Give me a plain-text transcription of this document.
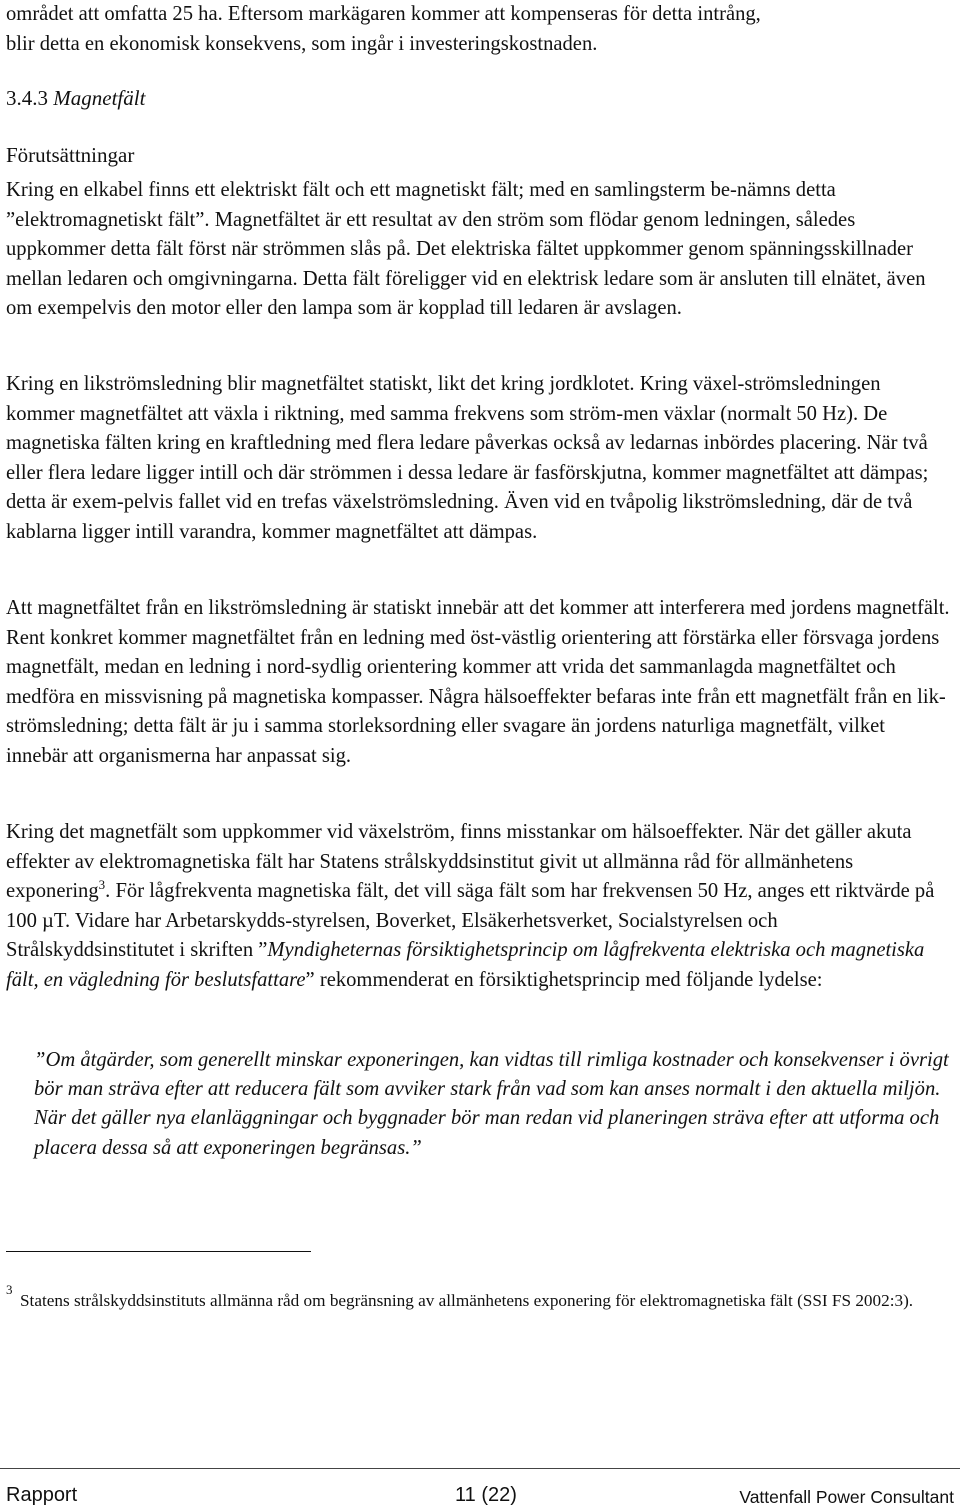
området att omfatta 25 ha. Eftersom markägaren kommer att kompenseras för detta intrång,
blir detta en ekonomisk konsekvens, som ingår i investeringskostnaden.

3.4.3 Magnetfält
Förutsättningar

Kring en elkabel finns ett elektriskt fält och ett magnetiskt fält; med en samlingsterm be-nämns detta ”elektromagnetiskt fält”. Magnetfältet är ett resultat av den ström som flödar genom ledningen, således uppkommer detta fält först när strömmen slås på. Det elektriska fältet uppkommer genom spänningsskillnader mellan ledaren och omgivningarna. Detta fält föreligger vid en elektrisk ledare som är ansluten till elnätet, även om exempelvis den motor eller den lampa som är kopplad till ledaren är avslagen.

Kring en likströmsledning blir magnetfältet statiskt, likt det kring jordklotet. Kring växel-strömsledningen kommer magnetfältet att växla i riktning, med samma frekvens som ström-men växlar (normalt 50 Hz). De magnetiska fälten kring en kraftledning med flera ledare påverkas också av ledarnas inbördes placering. När två eller flera ledare ligger intill och där strömmen i dessa ledare är fasförskjutna, kommer magnetfältet att dämpas; detta är exem-pelvis fallet vid en trefas växelströmsledning. Även vid en tvåpolig likströmsledning, där de två kablarna ligger intill varandra, kommer magnetfältet att dämpas.

Att magnetfältet från en likströmsledning är statiskt innebär att det kommer att interferera med jordens magnetfält. Rent konkret kommer magnetfältet från en ledning med öst-västlig orientering att förstärka eller försvaga jordens magnetfält, medan en ledning i nord-sydlig orientering kommer att vrida det sammanlagda magnetfältet och medföra en missvisning på magnetiska kompasser. Några hälsoeffekter befaras inte från ett magnetfält från en lik-strömsledning; detta fält är ju i samma storleksordning eller svagare än jordens naturliga magnetfält, vilket innebär att organismerna har anpassat sig.

Kring det magnetfält som uppkommer vid växelström, finns misstankar om hälsoeffekter. När det gäller akuta effekter av elektromagnetiska fält har Statens strålskyddsinstitut givit ut allmänna råd för allmänhetens exponering$^3$. För lågfrekventa magnetiska fält, det vill säga fält som har frekvensen 50 Hz, anges ett riktvärde på 100 µT. Vidare har Arbetarskydds-styrelsen, Boverket, Elsäkerhetsverket, Socialstyrelsen och Strålskyddsinstitutet i skriften ”Myndigheternas försiktighetsprincip om lågfrekventa elektriska och magnetiska fält, en vägledning för beslutsfattare” rekommenderat en försiktighetsprincip med följande lydelse:

”Om åtgärder, som generellt minskar exponeringen, kan vidtas till rimliga kostnader och konsekvenser i övrigt bör man sträva efter att reducera fält som avviker stark från vad som kan anses normalt i den aktuella miljön. När det gäller nya elanläggningar och byggnader bör man redan vid planeringen sträva efter att utforma och placera dessa så att exponeringen begränsas.”

3

Statens strålskyddsinstituts allmänna råd om begränsning av allmänhetens exponering för elektromagnetiska fält (SSI FS 2002:3).

Rapport	11 (22)	Vattenfall Power Consultant
